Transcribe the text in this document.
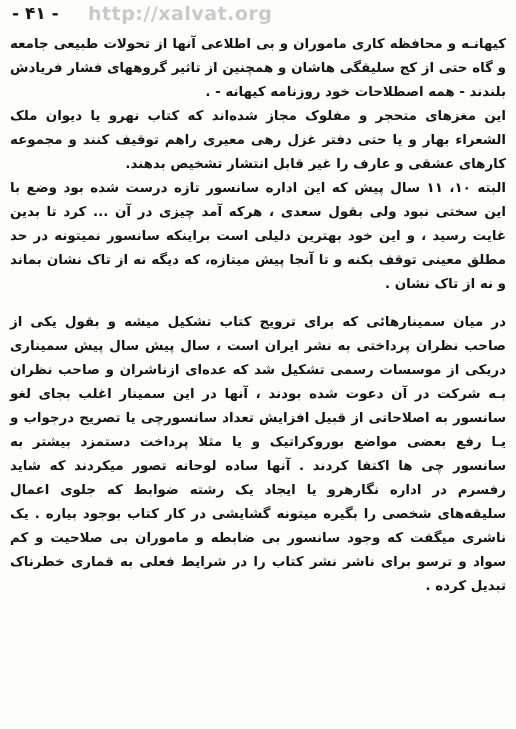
- ۴۱ - http://xalvat.org

کیهانـه و محافظه کاری ماموران و بی اطلاعی آنها از تحولات طبیعی جامعه و گاه حتی از کج سلیقگی هاشان و همچنین از تاثیر گروههای فشار فریادش بلندند - همه اصطلاحات خود روزنامه کیهانه - .

این مغزهای متحجر و مفلوک مجاز شده‌اند که کتاب نهرو یا دیوان ملک الشعراء بهار و یا حتی دفتر غزل رهی معیری راهم توقیف کنند و مجموعه کارهای عشقی و عارف را غیر قابل انتشار تشخیص بدهند.

البته ۱۰، ۱۱ سال پیش که این اداره سانسور تازه درست شده بود وضع با این سختی نبود ولی بقول سعدی ، هرکه آمد چیزی در آن ... کرد تا بدین غایت رسید ، و این خود بهترین دلیلی است براینکه سانسور نمیتونه در حد مطلق معینی توقف بکنه و تا آنجا پیش میتازه، که دیگه نه از تاک نشان بماند و نه از تاک نشان .

در میان سمینارهائی که برای ترویج کتاب تشکیل میشه و بقول یکی از صاحب نظران پرداختی به نشر ایران است ، سال پیش سال پیش سمیناری دریکی از موسسات رسمی تشکیل شد که عده‌ای ازناشران و صاحب نظران بـه شرکت در آن دعوت شده بودند ، آنها در این سمینار اغلب بجای لغو سانسور به اصلاحاتی از قبیل افزایش تعداد سانسورچی یا تصریح درجواب و یـا رفع بعضی مواضع بوروکراتیک و یا مثلا پرداخت دستمزد بیشتر به سانسور چی ها اکتفا کردند . آنها ساده لوحانه تصور میکردند که شاید رفسرم در اداره نگارهرو یا ایجاد یک رشته ضوابط که جلوی اعمال سلیقه‌های شخصی را بگیره میتونه گشایشی در کار کتاب بوجود بیاره . یک ناشری میگفت که وجود سانسور بی ضابطه و ماموران بی صلاحیت و کم سواد و ترسو برای ناشر نشر کتاب را در شرایط فعلی به قماری خطرناک تبدیل کرده .
